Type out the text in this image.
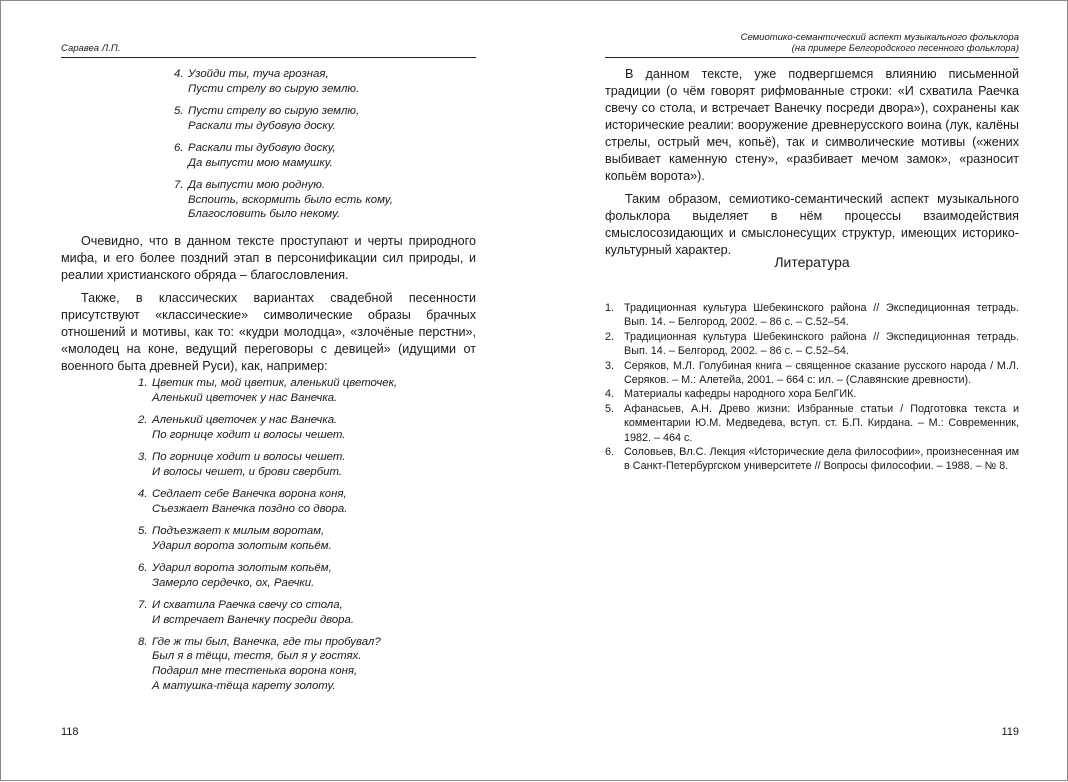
Саравеа Л.П.
4. Узойди ты, туча грозная,
Пусти стрелу во сырую землю.
5. Пусти стрелу во сырую землю,
Раскали ты дубовую доску.
6. Раскали ты дубовую доску,
Да выпусти мою мамушку.
7. Да выпусти мою родную.
Вспоить, вскормить было есть кому,
Благословить было некому.

Очевидно, что в данном тексте проступают и черты природного мифа, и его более поздний этап в персонификации сил природы, и реалии христианского обряда – благословления.

Также, в классических вариантах свадебной песенности присутствуют «классические» символические образы брачных отношений и мотивы, как то: «кудри молодца», «злочёные перстни», «молодец на коне, ведущий переговоры с девицей» (идущими от военного быта древней Руси), как, например:

1. Цветик ты, мой цветик, аленький цветочек,
Аленький цветочек у нас Ванечка.
2. Аленький цветочек у нас Ванечка.
По горнице ходит и волосы чешет.
3. По горнице ходит и волосы чешет.
И волосы чешет, и брови свербит.
4. Седлает себе Ванечка ворона коня,
Съезжает Ванечка поздно со двора.
5. Подъезжает к милым воротам,
Ударил ворота золотым копьём.
6. Ударил ворота золотым копьём,
Замерло сердечко, ох, Раечки.
7. И схватила Раечка свечу со стола,
И встречает Ванечку посреди двора.
8. Где ж ты был, Ванечка, где ты пробувал?
Был я в тёщи, тестя, был я у гостях.
Подарил мне тестенька ворона коня,
А матушка-тёща карету золоту.
118
Семиотико-семантический аспект музыкального фольклора
(на примере Белгородского песенного фольклора)

В данном тексте, уже подвергшемся влиянию письменной традиции (о чём говорят рифмованные строки: «И схватила Раечка свечу со стола, и встречает Ванечку посреди двора»), сохранены как исторические реалии: вооружение древнерусского воина (лук, калёны стрелы, острый меч, копьё), так и символические мотивы («жених выбивает каменную стену», «разбивает мечом замок», «разносит копьём ворота»).

Таким образом, семиотико-семантический аспект музыкального фольклора выделяет в нём процессы взаимодействия смыслосозидающих и смыслонесущих структур, имеющих историко-культурный характер.

Литература
1. Традиционная культура Шебекинского района // Экспедиционная тетрадь. Вып. 14. – Белгород, 2002. – 86 с. – С.52–54.
2. Традиционная культура Шебекинского района // Экспедиционная тетрадь. Вып. 14. – Белгород, 2002. – 86 с. – С.52–54.
3. Серяков, М.Л. Голубиная книга – священное сказание русского народа / М.Л. Серяков. – М.: Алетейа, 2001. – 664 с: ил. – (Славянские древности).
4. Материалы кафедры народного хора БелГИК.
5. Афанасьев, А.Н. Древо жизни: Избранные статьи / Подготовка текста и комментарии Ю.М. Медведева, вступ. ст. Б.П. Кирдана. – М.: Современник, 1982. – 464 с.
6. Соловьев, Вл.С. Лекция «Исторические дела философии», произнесенная им в Санкт-Петербургском университете // Вопросы философии. – 1988. – № 8.
119
